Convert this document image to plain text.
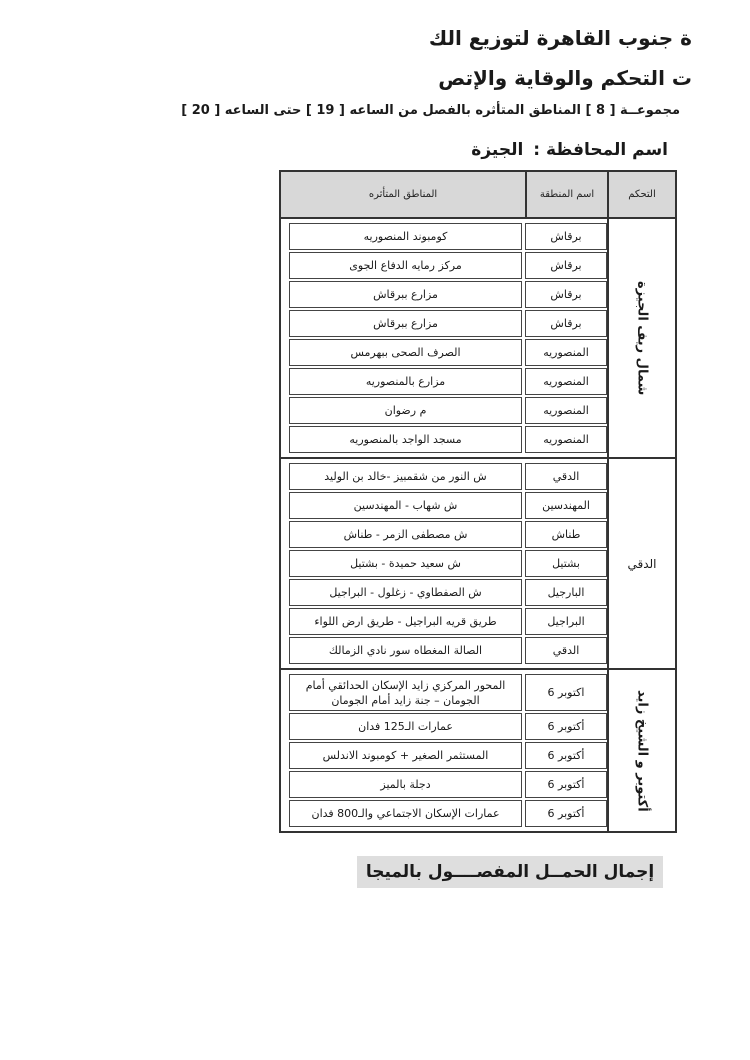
ة جنوب القاهرة لتوزيع الك
ت التحكم والوقاية والإتص
مجموعــة [ 8 ] المناطق المتأثره بالفصل من الساعه [ 19 ] حتى الساعه [ 20 ]
اسم المحافظة : الجيزة
التحكم
اسم المنطقة
المناطق المتأثره
شمال ريف الجيزة
برقاش
كومبوند المنصوريه
برقاش
مركز رمايه الدفاع الجوى
برقاش
مزارع ببرقاش
برقاش
مزارع ببرقاش
المنصوريه
الصرف الصحى ببهرمس
المنصوريه
مزارع بالمنصوريه
المنصوريه
م رضوان
المنصوريه
مسجد الواجد بالمنصوريه
الدقي
الدقي
ش النور من شقمبيز -خالد بن الوليد
المهندسين
ش شهاب - المهندسين
طناش
ش مصطفى الزمر - طناش
بشتيل
ش سعيد حميدة - بشتيل
البارجيل
ش الصفطاوي - زغلول - البراجيل
البراجيل
طريق قريه البراجيل - طريق ارض اللواء
الدقي
الصالة المغطاه سور نادي الزمالك
أكتوبر و الشيخ زايد
اكتوبر 6
المحور المركزي زايد الإسكان الحدائقي أمام الجومان – جنة زايد أمام الجومان
أكتوبر 6
عمارات الـ125 فدان
أكتوبر 6
المستثمر الصغير + كومبوند الاندلس
أكتوبر 6
دجلة بالميز
أكتوبر 6
عمارات الإسكان الاجتماعي والـ800 فدان
إجمال الحمــل المفصــــول بالميجا
